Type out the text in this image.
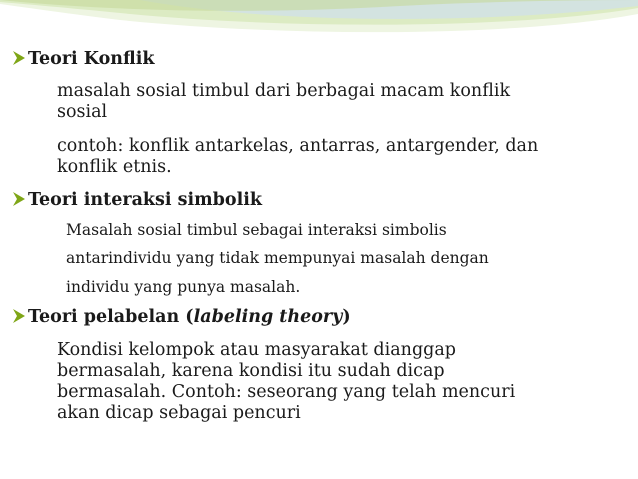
Teori Konflik
masalah sosial timbul dari berbagai macam konflik
sosial
contoh: konflik antarkelas, antarras, antargender, dan
konflik etnis.
Teori interaksi simbolik
Masalah sosial timbul sebagai interaksi simbolis
antarindividu yang tidak mempunyai masalah dengan
individu yang punya masalah.
Teori pelabelan (labeling theory)
Kondisi kelompok atau masyarakat dianggap
bermasalah, karena kondisi itu sudah dicap
bermasalah. Contoh: seseorang yang telah mencuri
akan dicap sebagai pencuri
